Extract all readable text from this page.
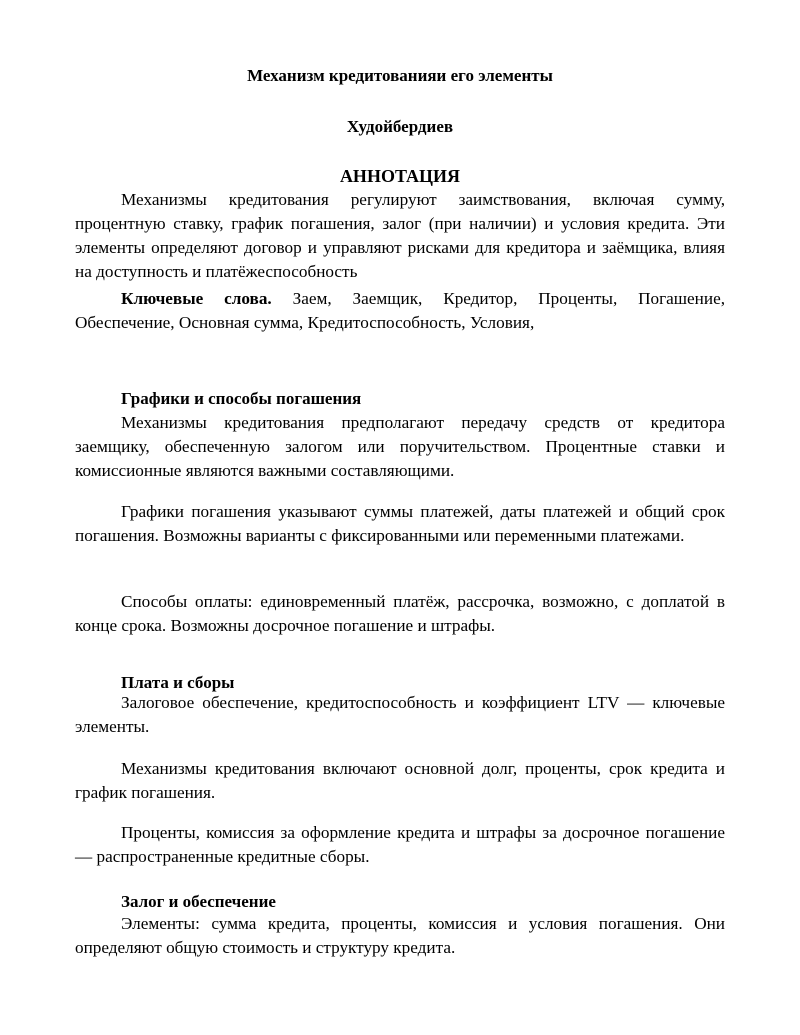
Механизм кредитованияи его элементы
Худойбердиев
АННОТАЦИЯ

Механизмы кредитования регулируют заимствования, включая сумму, процентную ставку, график погашения, залог (при наличии) и условия кредита. Эти элементы определяют договор и управляют рисками для кредитора и заёмщика, влияя на доступность и платёжеспособность

Ключевые слова. Заем, Заемщик, Кредитор, Проценты, Погашение, Обеспечение, Основная сумма, Кредитоспособность, Условия,

Графики и способы погашения

Механизмы кредитования предполагают передачу средств от кредитора заемщику, обеспеченную залогом или поручительством. Процентные ставки и комиссионные являются важными составляющими.

Графики погашения указывают суммы платежей, даты платежей и общий срок погашения. Возможны варианты с фиксированными или переменными платежами.

Способы оплаты: единовременный платёж, рассрочка, возможно, с доплатой в конце срока. Возможны досрочное погашение и штрафы.

Плата и сборы

Залоговое обеспечение, кредитоспособность и коэффициент LTV — ключевые элементы.

Механизмы кредитования включают основной долг, проценты, срок кредита и график погашения.

Проценты, комиссия за оформление кредита и штрафы за досрочное погашение — распространенные кредитные сборы.

Залог и обеспечение

Элементы: сумма кредита, проценты, комиссия и условия погашения. Они определяют общую стоимость и структуру кредита.
